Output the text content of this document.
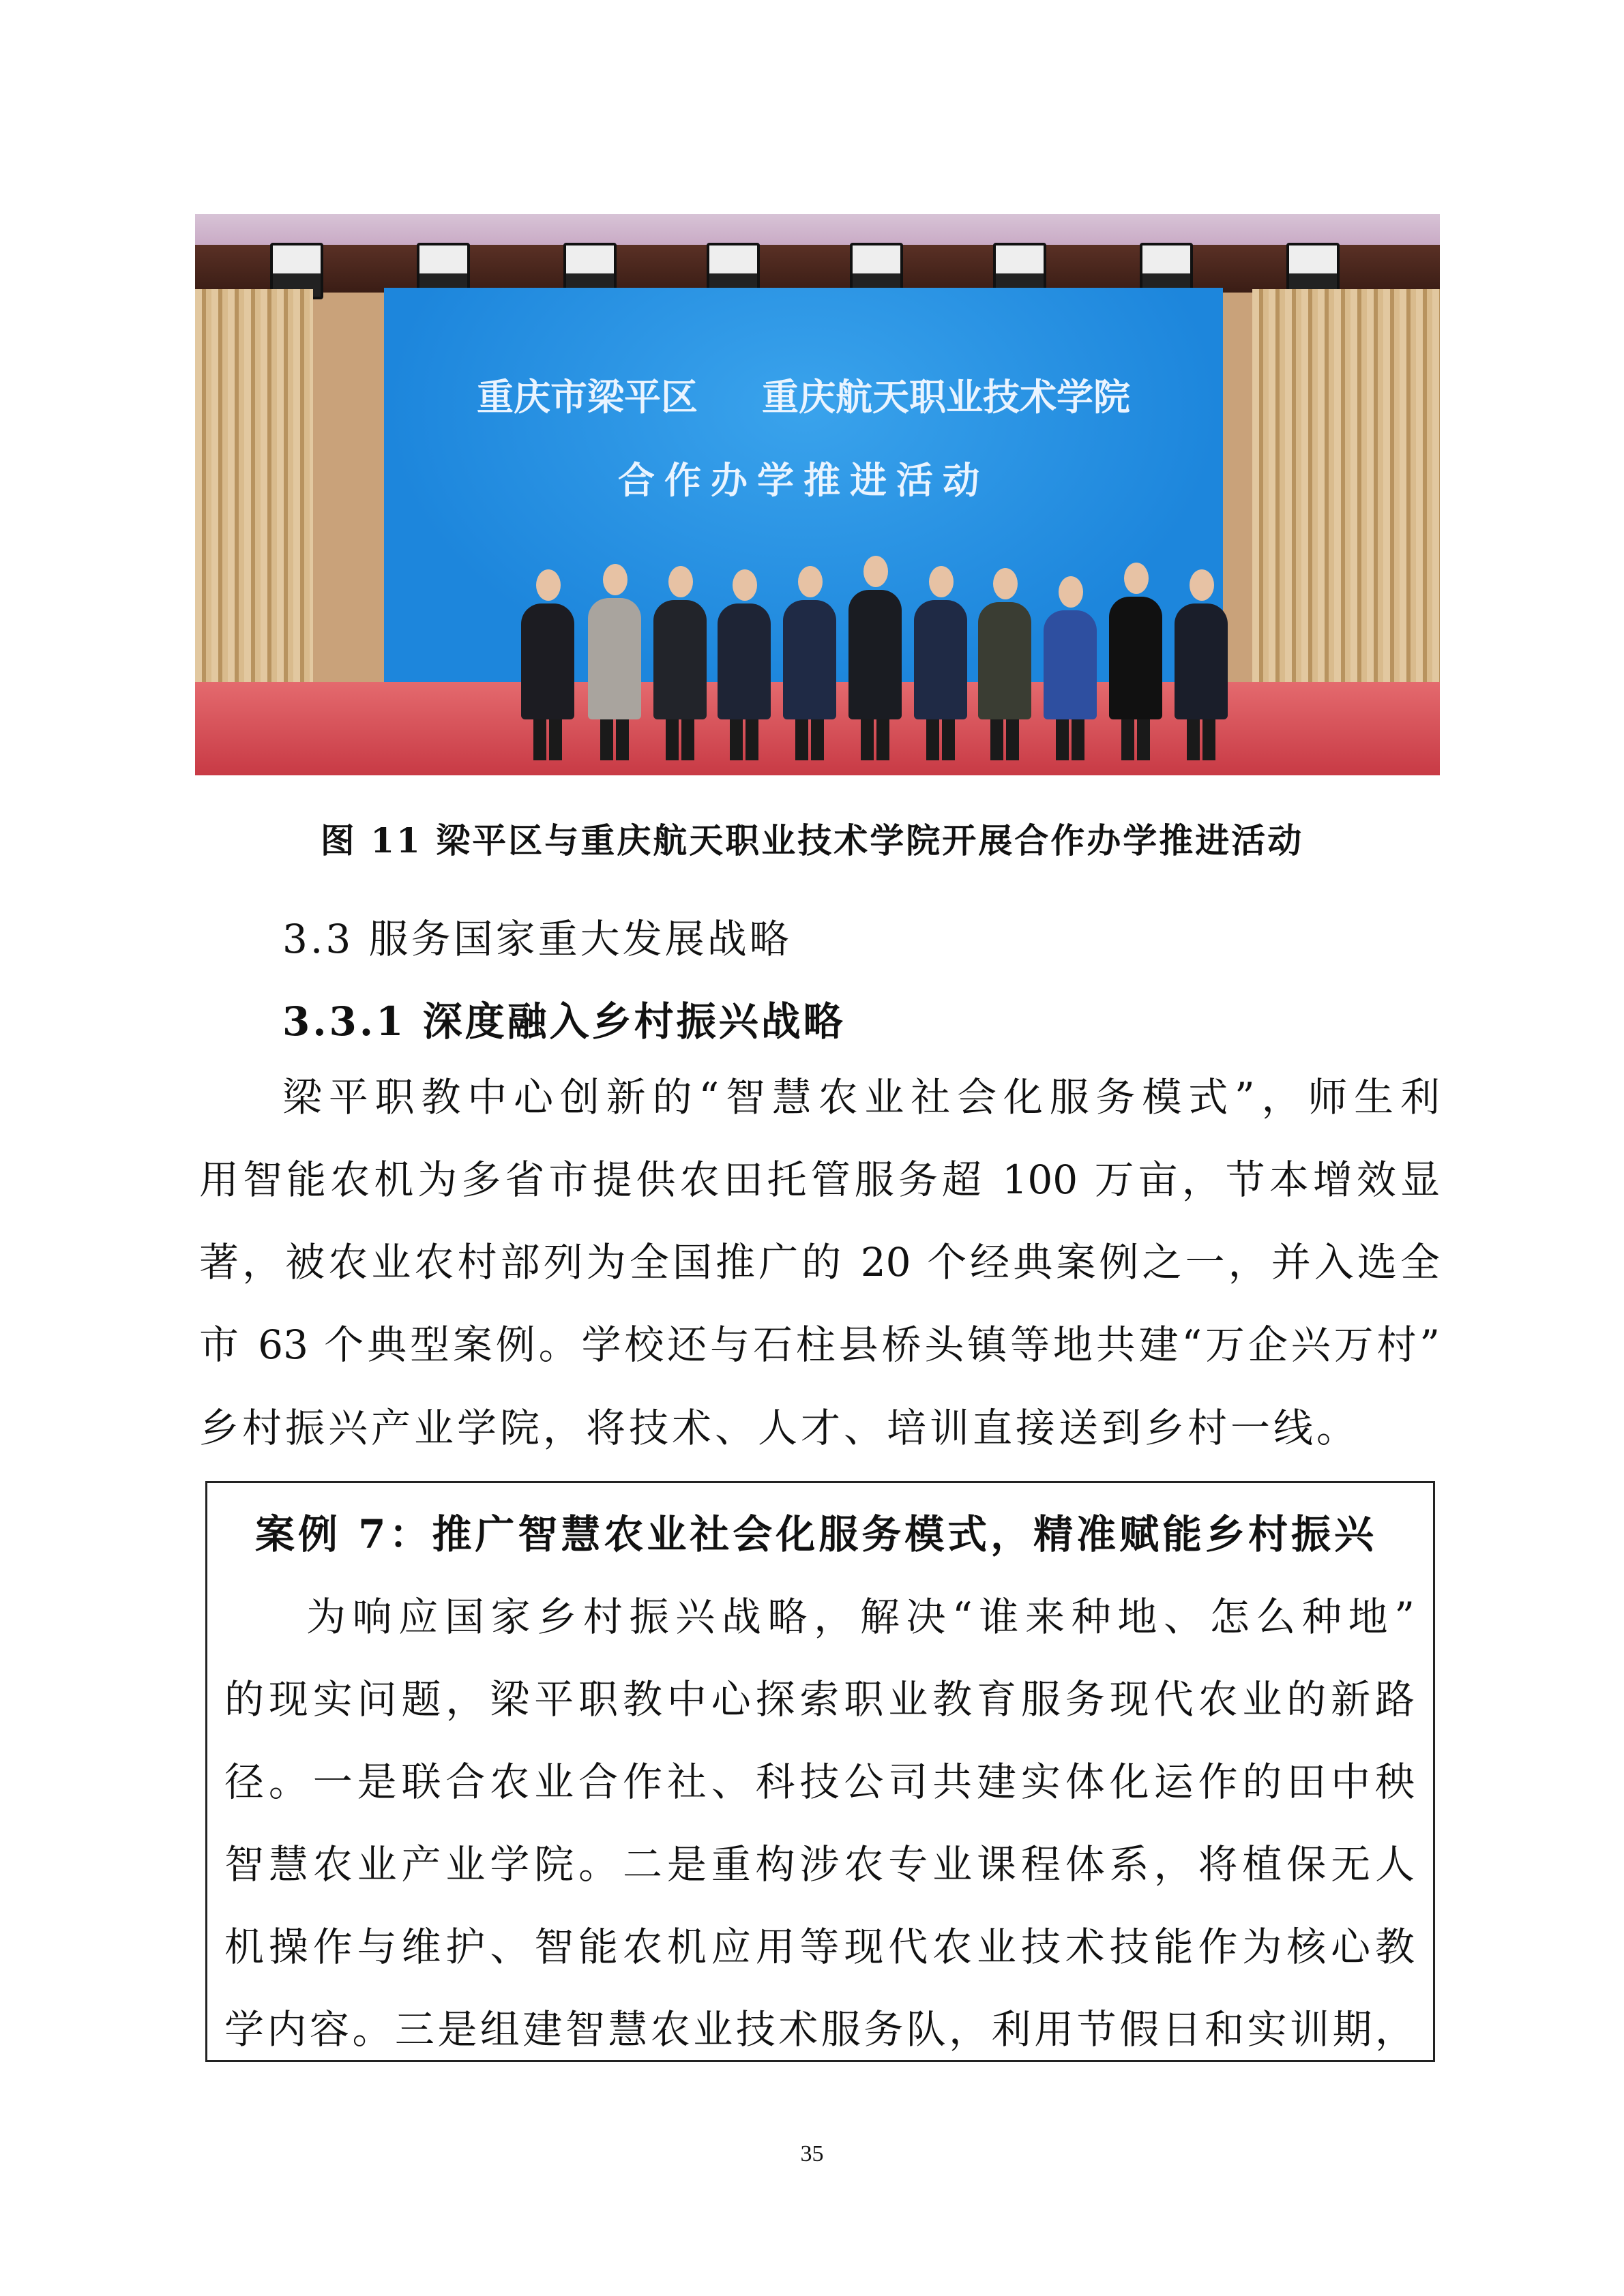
重庆市梁平区     重庆航天职业技术学院
合作办学推进活动
图 11 梁平区与重庆航天职业技术学院开展合作办学推进活动
3.3 服务国家重大发展战略
3.3.1 深度融入乡村振兴战略
梁平职教中心创新的“智慧农业社会化服务模式”，师生利
用智能农机为多省市提供农田托管服务超 100 万亩，节本增效显
著，被农业农村部列为全国推广的 20 个经典案例之一，并入选全
市 63 个典型案例。学校还与石柱县桥头镇等地共建“万企兴万村”
乡村振兴产业学院，将技术、人才、培训直接送到乡村一线。
案例 7：推广智慧农业社会化服务模式，精准赋能乡村振兴
为响应国家乡村振兴战略，解决“谁来种地、怎么种地”
的现实问题，梁平职教中心探索职业教育服务现代农业的新路
径。一是联合农业合作社、科技公司共建实体化运作的田中秧
智慧农业产业学院。二是重构涉农专业课程体系，将植保无人
机操作与维护、智能农机应用等现代农业技术技能作为核心教
学内容。三是组建智慧农业技术服务队，利用节假日和实训期，
35
